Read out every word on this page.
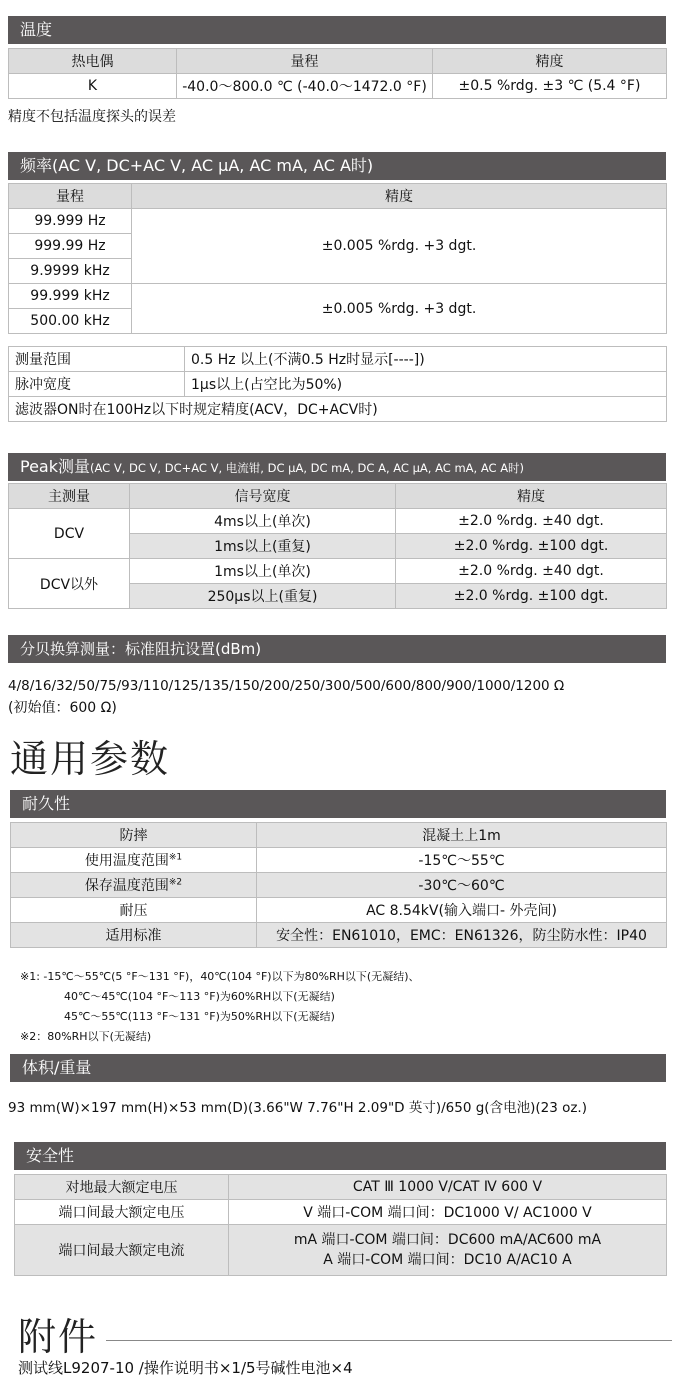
温度
热电偶	量程	精度
K	-40.0～800.0 ℃ (-40.0～1472.0 °F)	±0.5 %rdg. ±3 ℃ (5.4 °F)
精度不包括温度探头的误差
频率(AC V, DC+AC V, AC μA, AC mA, AC A时)
量程	精度
99.999 Hz	±0.005 %rdg. +3 dgt.
999.99 Hz	
9.9999 kHz	
99.999 kHz	±0.005 %rdg. +3 dgt.
500.00 kHz	
测量范围	0.5 Hz 以上(不满0.5 Hz时显示[----])
脉冲宽度	1μs以上(占空比为50%)
滤波器ON时在100Hz以下时规定精度(ACV，DC+ACV时)	
Peak测量(AC V, DC V, DC+AC V, 电流钳, DC μA, DC mA, DC A, AC μA, AC mA, AC A时)
主测量	信号宽度	精度
DCV	4ms以上(单次)	±2.0 %rdg. ±40 dgt.
	1ms以上(重复)	±2.0 %rdg. ±100 dgt.
DCV以外	1ms以上(单次)	±2.0 %rdg. ±40 dgt.
	250μs以上(重复)	±2.0 %rdg. ±100 dgt.
分贝换算测量：标准阻抗设置(dBm)
4/8/16/32/50/75/93/110/125/135/150/200/250/300/500/600/800/900/1000/1200 Ω
(初始值：600 Ω)
通用参数
耐久性
防摔	混凝土上1m
使用温度范围$^{※1}$	-15℃～55℃
保存温度范围$^{※2}$	-30℃～60℃
耐压	AC 8.54kV(输入端口- 外壳间)
适用标准	安全性：EN61010，EMC：EN61326，防尘防水性：IP40
※1: -15℃～55℃(5 °F～131 °F)，40℃(104 °F)以下为80%RH以下(无凝结)、
40℃～45℃(104 °F～113 °F)为60%RH以下(无凝结)
45℃～55℃(113 °F～131 °F)为50%RH以下(无凝结)
※2：80%RH以下(无凝结)
体积/重量
93 mm(W)×197 mm(H)×53 mm(D)(3.66"W 7.76"H 2.09"D 英寸)/650 g(含电池)(23 oz.)
安全性
对地最大额定电压	CAT Ⅲ 1000 V/CAT Ⅳ 600 V
端口间最大额定电压	V 端口-COM 端口间：DC1000 V/ AC1000 V
端口间最大额定电流	mA 端口-COM 端口间：DC600 mA/AC600 mA
A 端口-COM 端口间：DC10 A/AC10 A
附件
测试线L9207-10 /操作说明书×1/5号碱性电池×4
